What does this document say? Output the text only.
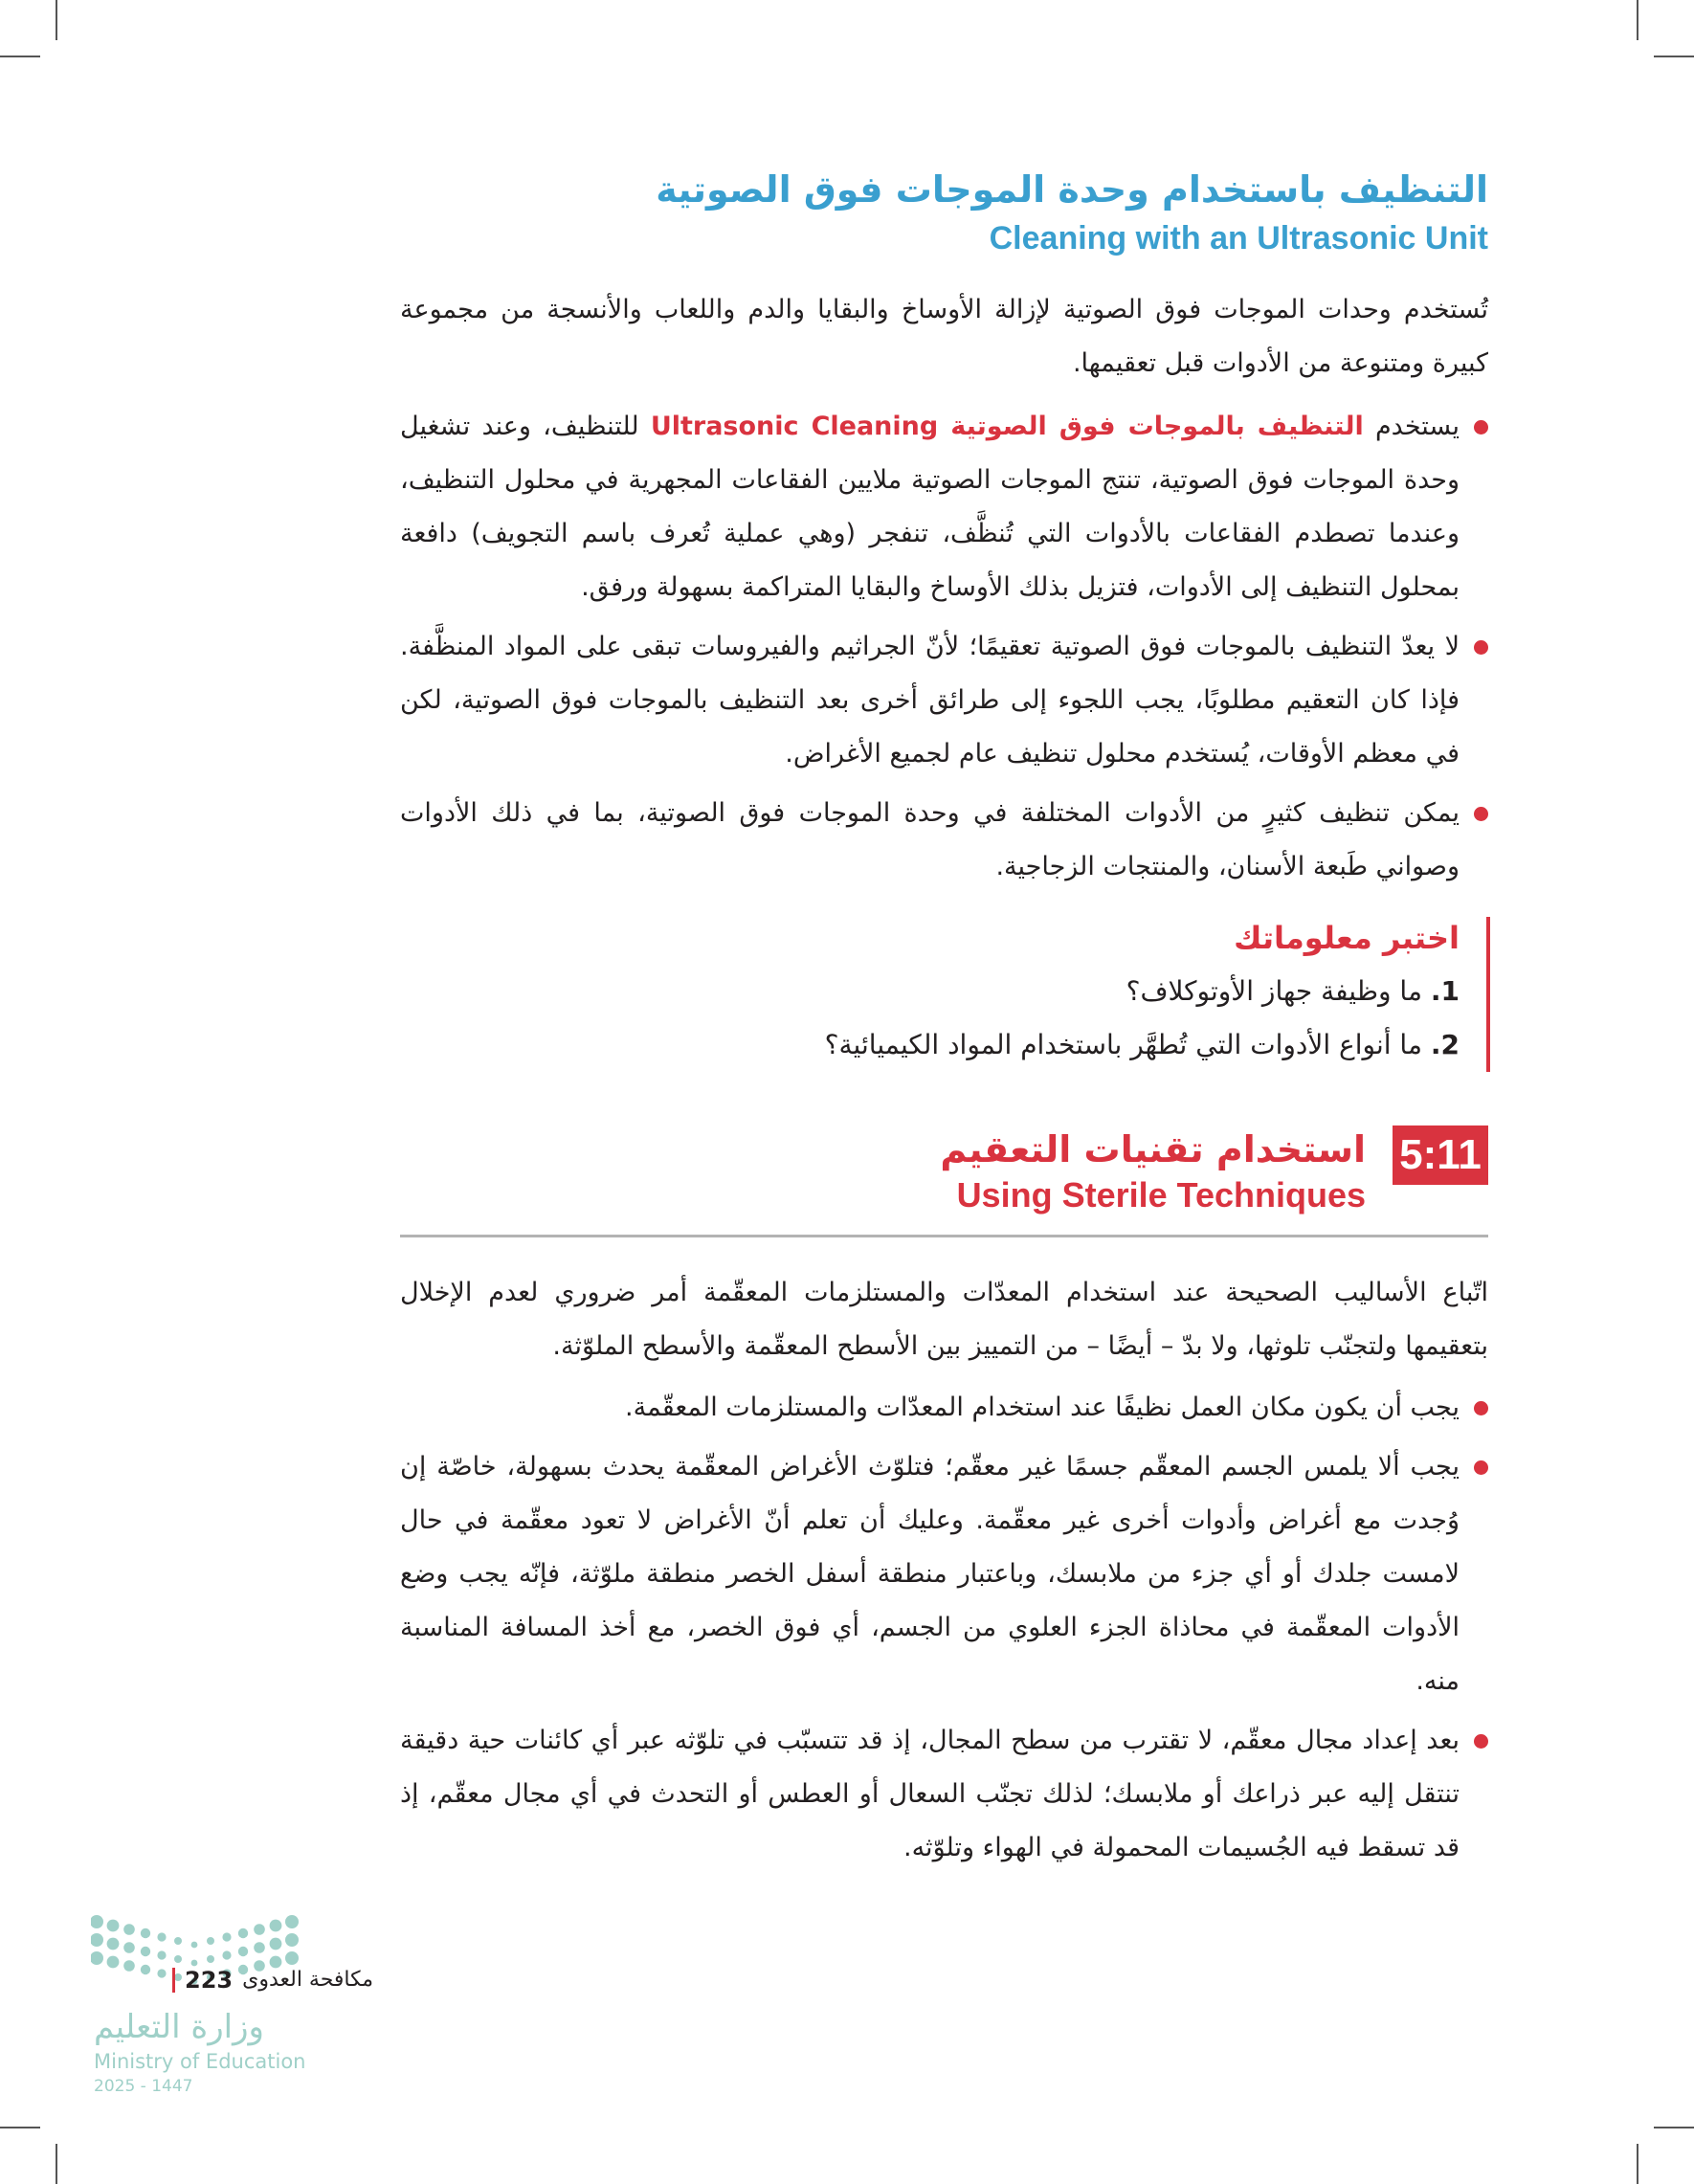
التنظيف باستخدام وحدة الموجات فوق الصوتية
Cleaning with an Ultrasonic Unit

تُستخدم وحدات الموجات فوق الصوتية لإزالة الأوساخ والبقايا والدم واللعاب والأنسجة من مجموعة كبيرة ومتنوعة من الأدوات قبل تعقيمها.

يستخدم التنظيف بالموجات فوق الصوتية Ultrasonic Cleaning للتنظيف، وعند تشغيل وحدة الموجات فوق الصوتية، تنتج الموجات الصوتية ملايين الفقاعات المجهرية في محلول التنظيف، وعندما تصطدم الفقاعات بالأدوات التي تُنظَّف، تنفجر (وهي عملية تُعرف باسم التجويف) دافعة بمحلول التنظيف إلى الأدوات، فتزيل بذلك الأوساخ والبقايا المتراكمة بسهولة ورفق.
لا يعدّ التنظيف بالموجات فوق الصوتية تعقيمًا؛ لأنّ الجراثيم والفيروسات تبقى على المواد المنظَّفة. فإذا كان التعقيم مطلوبًا، يجب اللجوء إلى طرائق أخرى بعد التنظيف بالموجات فوق الصوتية، لكن في معظم الأوقات، يُستخدم محلول تنظيف عام لجميع الأغراض.
يمكن تنظيف كثيرٍ من الأدوات المختلفة في وحدة الموجات فوق الصوتية، بما في ذلك الأدوات وصواني طَبعة الأسنان، والمنتجات الزجاجية.
اختبر معلوماتك
1. ما وظيفة جهاز الأوتوكلاف؟
2. ما أنواع الأدوات التي تُطهَّر باستخدام المواد الكيميائية؟
5:11
استخدام تقنيات التعقيم
Using Sterile Techniques

اتّباع الأساليب الصحيحة عند استخدام المعدّات والمستلزمات المعقّمة أمر ضروري لعدم الإخلال بتعقيمها ولتجنّب تلوثها، ولا بدّ – أيضًا – من التمييز بين الأسطح المعقّمة والأسطح الملوّثة.

يجب أن يكون مكان العمل نظيفًا عند استخدام المعدّات والمستلزمات المعقّمة.
يجب ألا يلمس الجسم المعقّم جسمًا غير معقّم؛ فتلوّث الأغراض المعقّمة يحدث بسهولة، خاصّة إن وُجدت مع أغراض وأدوات أخرى غير معقّمة. وعليك أن تعلم أنّ الأغراض لا تعود معقّمة في حال لامست جلدك أو أي جزء من ملابسك، وباعتبار منطقة أسفل الخصر منطقة ملوّثة، فإنّه يجب وضع الأدوات المعقّمة في محاذاة الجزء العلوي من الجسم، أي فوق الخصر، مع أخذ المسافة المناسبة منه.
بعد إعداد مجال معقّم، لا تقترب من سطح المجال، إذ قد تتسبّب في تلوّثه عبر أي كائنات حية دقيقة تنتقل إليه عبر ذراعك أو ملابسك؛ لذلك تجنّب السعال أو العطس أو التحدث في أي مجال معقّم، إذ قد تسقط فيه الجُسيمات المحمولة في الهواء وتلوّثه.
وزارة التعليم
Ministry of Education
2025 - 1447
223 مكافحة العدوى
